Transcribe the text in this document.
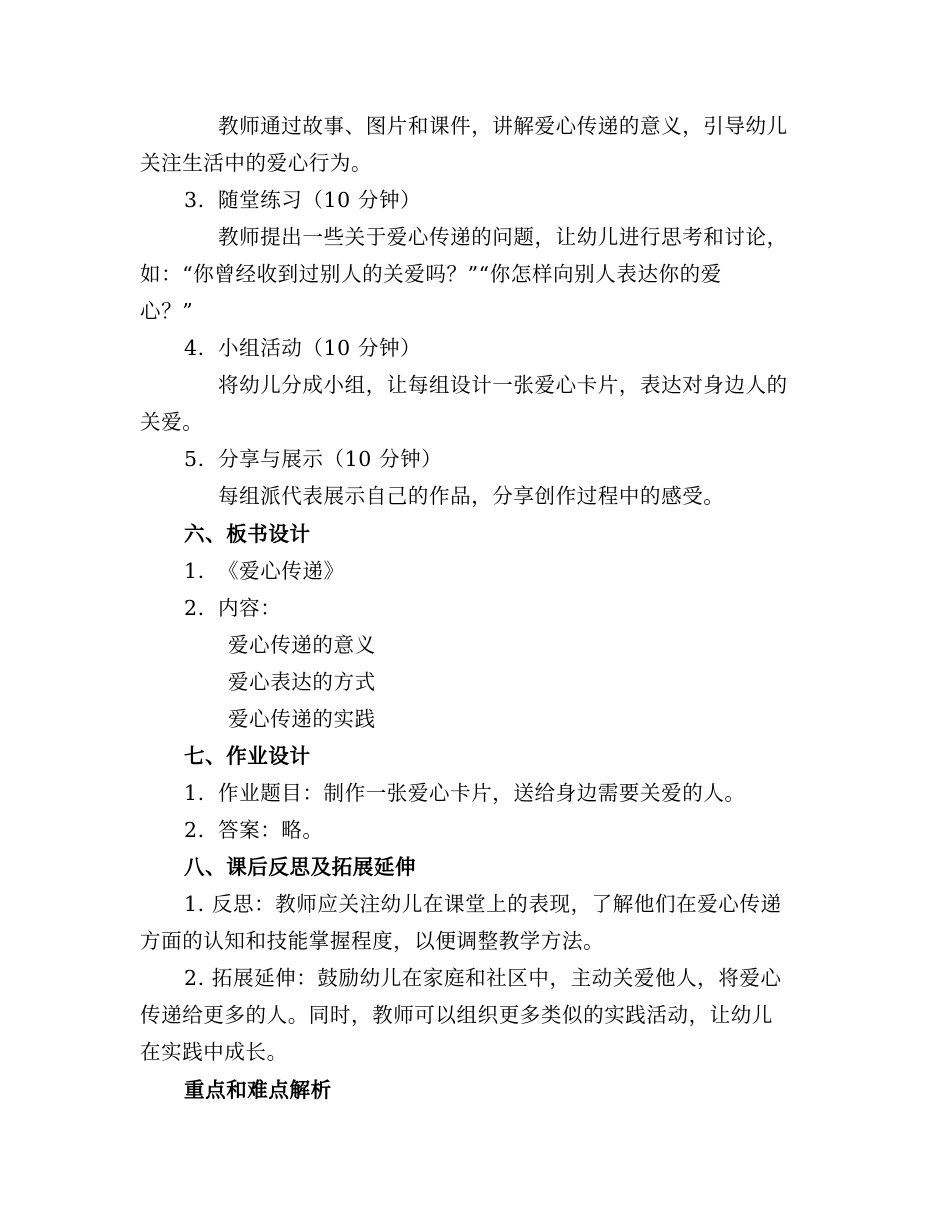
教师通过故事、图片和课件，讲解爱心传递的意义，引导幼儿
关注生活中的爱心行为。
3. 随堂练习（10 分钟）
教师提出一些关于爱心传递的问题，让幼儿进行思考和讨论，
如：“你曾经收到过别人的关爱吗？”“你怎样向别人表达你的爱
心？”
4. 小组活动（10 分钟）
将幼儿分成小组，让每组设计一张爱心卡片，表达对身边人的
关爱。
5. 分享与展示（10 分钟）
每组派代表展示自己的作品，分享创作过程中的感受。
六、板书设计
1. 《爱心传递》
2. 内容：
爱心传递的意义
爱心表达的方式
爱心传递的实践
七、作业设计
1. 作业题目：制作一张爱心卡片，送给身边需要关爱的人。
2. 答案：略。
八、课后反思及拓展延伸
1. 反思：教师应关注幼儿在课堂上的表现，了解他们在爱心传递
方面的认知和技能掌握程度，以便调整教学方法。
2. 拓展延伸：鼓励幼儿在家庭和社区中，主动关爱他人，将爱心
传递给更多的人。同时，教师可以组织更多类似的实践活动，让幼儿
在实践中成长。
重点和难点解析
